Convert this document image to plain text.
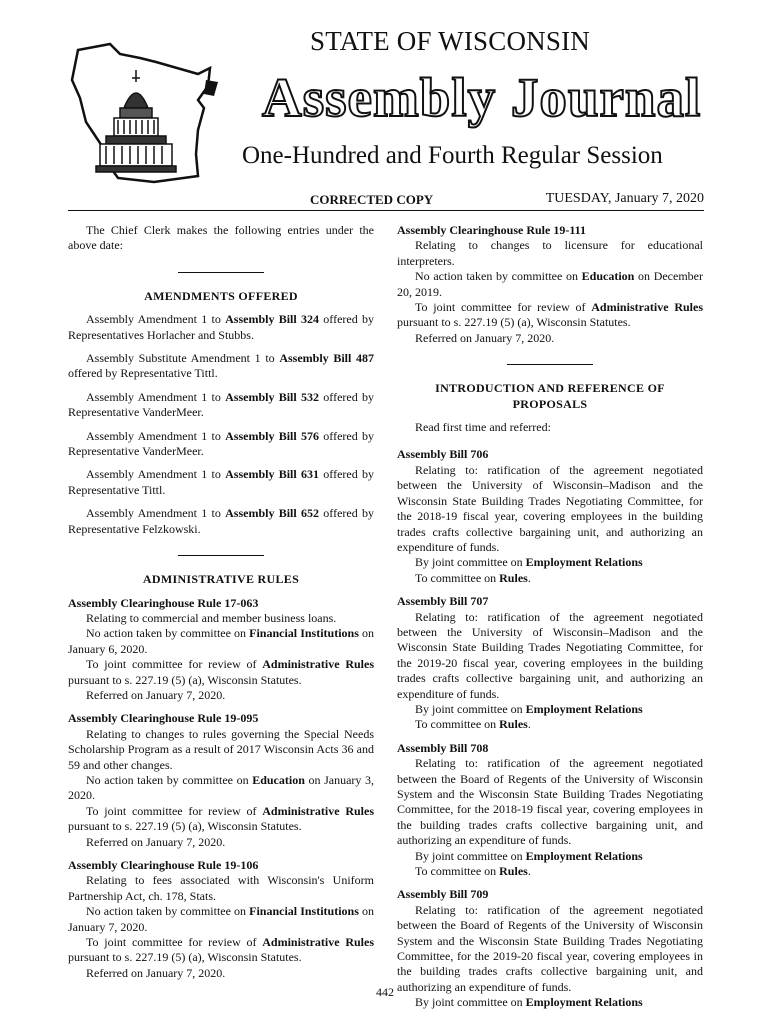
STATE OF WISCONSIN
Assembly Journal
One-Hundred and Fourth Regular Session
CORRECTED COPY	TUESDAY, January 7, 2020

The Chief Clerk makes the following entries under the above date:

AMENDMENTS OFFERED

Assembly Amendment 1 to Assembly Bill 324 offered by Representatives Horlacher and Stubbs.

Assembly Substitute Amendment 1 to Assembly Bill 487 offered by Representative Tittl.

Assembly Amendment 1 to Assembly Bill 532 offered by Representative VanderMeer.

Assembly Amendment 1 to Assembly Bill 576 offered by Representative VanderMeer.

Assembly Amendment 1 to Assembly Bill 631 offered by Representative Tittl.

Assembly Amendment 1 to Assembly Bill 652 offered by Representative Felzkowski.

ADMINISTRATIVE RULES

Assembly Clearinghouse Rule 17-063

Relating to commercial and member business loans.

No action taken by committee on Financial Institutions on January 6, 2020.

To joint committee for review of Administrative Rules pursuant to s. 227.19 (5) (a), Wisconsin Statutes.

Referred on January 7, 2020.

Assembly Clearinghouse Rule 19-095

Relating to changes to rules governing the Special Needs Scholarship Program as a result of 2017 Wisconsin Acts 36 and 59 and other changes.

No action taken by committee on Education on January 3, 2020.

To joint committee for review of Administrative Rules pursuant to s. 227.19 (5) (a), Wisconsin Statutes.

Referred on January 7, 2020.

Assembly Clearinghouse Rule 19-106

Relating to fees associated with Wisconsin's Uniform Partnership Act, ch. 178, Stats.

No action taken by committee on Financial Institutions on January 7, 2020.

To joint committee for review of Administrative Rules pursuant to s. 227.19 (5) (a), Wisconsin Statutes.

Referred on January 7, 2020.

Assembly Clearinghouse Rule 19-111

Relating to changes to licensure for educational interpreters.

No action taken by committee on Education on December 20, 2019.

To joint committee for review of Administrative Rules pursuant to s. 227.19 (5) (a), Wisconsin Statutes.

Referred on January 7, 2020.

INTRODUCTION AND REFERENCE OF PROPOSALS

Read first time and referred:

Assembly Bill 706

Relating to: ratification of the agreement negotiated between the University of Wisconsin–Madison and the Wisconsin State Building Trades Negotiating Committee, for the 2018-19 fiscal year, covering employees in the building trades crafts collective bargaining unit, and authorizing an expenditure of funds.

By joint committee on Employment Relations

To committee on Rules.

Assembly Bill 707

Relating to: ratification of the agreement negotiated between the University of Wisconsin–Madison and the Wisconsin State Building Trades Negotiating Committee, for the 2019-20 fiscal year, covering employees in the building trades crafts collective bargaining unit, and authorizing an expenditure of funds.

By joint committee on Employment Relations

To committee on Rules.

Assembly Bill 708

Relating to: ratification of the agreement negotiated between the Board of Regents of the University of Wisconsin System and the Wisconsin State Building Trades Negotiating Committee, for the 2018-19 fiscal year, covering employees in the building trades crafts collective bargaining unit, and authorizing an expenditure of funds.

By joint committee on Employment Relations

To committee on Rules.

Assembly Bill 709

Relating to: ratification of the agreement negotiated between the Board of Regents of the University of Wisconsin System and the Wisconsin State Building Trades Negotiating Committee, for the 2019-20 fiscal year, covering employees in the building trades crafts collective bargaining unit, and authorizing an expenditure of funds.

By joint committee on Employment Relations

442
